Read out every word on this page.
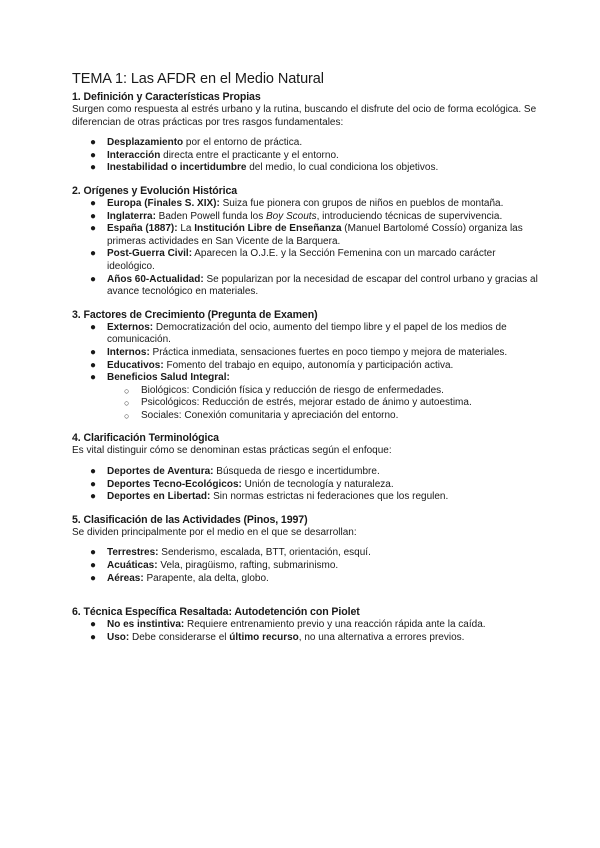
TEMA 1: Las AFDR en el Medio Natural
1. Definición y Características Propias

Surgen como respuesta al estrés urbano y la rutina, buscando el disfrute del ocio de forma ecológica. Se diferencian de otras prácticas por tres rasgos fundamentales:

● Desplazamiento por el entorno de práctica.
● Interacción directa entre el practicante y el entorno.
● Inestabilidad o incertidumbre del medio, lo cual condiciona los objetivos.
2. Orígenes y Evolución Histórica
● Europa (Finales S. XIX): Suiza fue pionera con grupos de niños en pueblos de montaña.
● Inglaterra: Baden Powell funda los Boy Scouts, introduciendo técnicas de supervivencia.
● España (1887): La Institución Libre de Enseñanza (Manuel Bartolomé Cossío) organiza las primeras actividades en San Vicente de la Barquera.
● Post-Guerra Civil: Aparecen la O.J.E. y la Sección Femenina con un marcado carácter ideológico.
● Años 60-Actualidad: Se popularizan por la necesidad de escapar del control urbano y gracias al avance tecnológico en materiales.
3. Factores de Crecimiento (Pregunta de Examen)
● Externos: Democratización del ocio, aumento del tiempo libre y el papel de los medios de comunicación.
● Internos: Práctica inmediata, sensaciones fuertes en poco tiempo y mejora de materiales.
● Educativos: Fomento del trabajo en equipo, autonomía y participación activa.
● Beneficios Salud Integral:
○ Biológicos: Condición física y reducción de riesgo de enfermedades.
○ Psicológicos: Reducción de estrés, mejorar estado de ánimo y autoestima.
○ Sociales: Conexión comunitaria y apreciación del entorno.
4. Clarificación Terminológica

Es vital distinguir cómo se denominan estas prácticas según el enfoque:

● Deportes de Aventura: Búsqueda de riesgo e incertidumbre.
● Deportes Tecno-Ecológicos: Unión de tecnología y naturaleza.
● Deportes en Libertad: Sin normas estrictas ni federaciones que los regulen.
5. Clasificación de las Actividades (Pinos, 1997)

Se dividen principalmente por el medio en el que se desarrollan:

● Terrestres: Senderismo, escalada, BTT, orientación, esquí.
● Acuáticas: Vela, piragüismo, rafting, submarinismo.
● Aéreas: Parapente, ala delta, globo.
6. Técnica Específica Resaltada: Autodetención con Piolet
● No es instintiva: Requiere entrenamiento previo y una reacción rápida ante la caída.
● Uso: Debe considerarse el último recurso, no una alternativa a errores previos.
